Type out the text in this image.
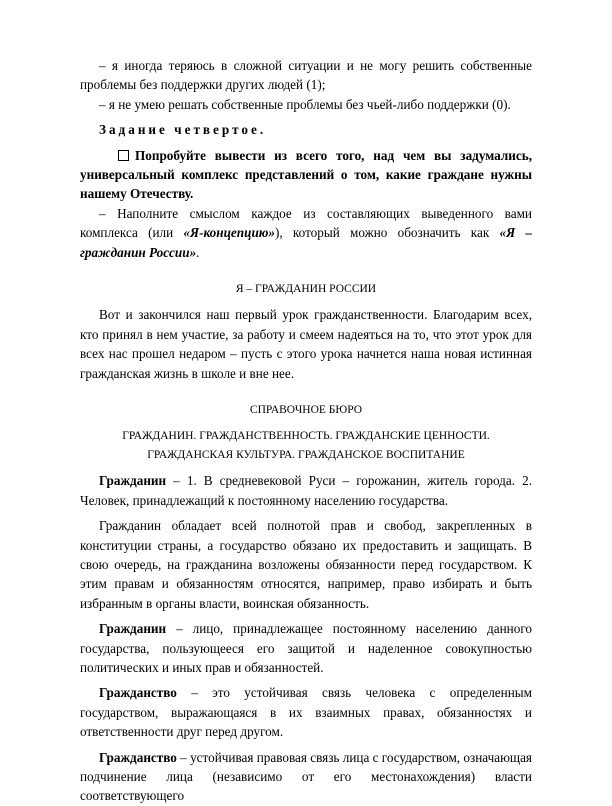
– я иногда теряюсь в сложной ситуации и не могу решить собственные проблемы без поддержки других людей (1);

– я не умею решать собственные проблемы без чьей-либо поддержки (0).

Задание четвертое.

Попробуйте вывести из всего того, над чем вы задумались, универсальный комплекс представлений о том, какие граждане нужны нашему Отечеству.

– Наполните смыслом каждое из составляющих выведенного вами комплекса (или «Я-концепцию»), который можно обозначить как «Я – гражданин России».

Я – ГРАЖДАНИН РОССИИ

Вот и закончился наш первый урок гражданственности. Благодарим всех, кто принял в нем участие, за работу и смеем надеяться на то, что этот урок для всех нас прошел недаром – пусть с этого урока начнется наша новая истинная гражданская жизнь в школе и вне нее.

СПРАВОЧНОЕ БЮРО

ГРАЖДАНИН. ГРАЖДАНСТВЕННОСТЬ. ГРАЖДАНСКИЕ ЦЕННОСТИ.

ГРАЖДАНСКАЯ КУЛЬТУРА. ГРАЖДАНСКОЕ ВОСПИТАНИЕ

Гражданин – 1. В средневековой Руси – горожанин, житель города. 2. Человек, принадлежащий к постоянному населению государства.

Гражданин обладает всей полнотой прав и свобод, закрепленных в конституции страны, а государство обязано их предоставить и защищать. В свою очередь, на гражданина возложены обязанности перед государством. К этим правам и обязанностям относятся, например, право избирать и быть избранным в органы власти, воинская обязанность.

Гражданин – лицо, принадлежащее постоянному населению данного государства, пользующееся его защитой и наделенное совокупностью политических и иных прав и обязанностей.

Гражданство – это устойчивая связь человека с определенным государством, выражающаяся в их взаимных правах, обязанностях и ответственности друг перед другом.

Гражданство – устойчивая правовая связь лица с государством, означающая подчинение лица (независимо от его местонахождения) власти соответствующего
